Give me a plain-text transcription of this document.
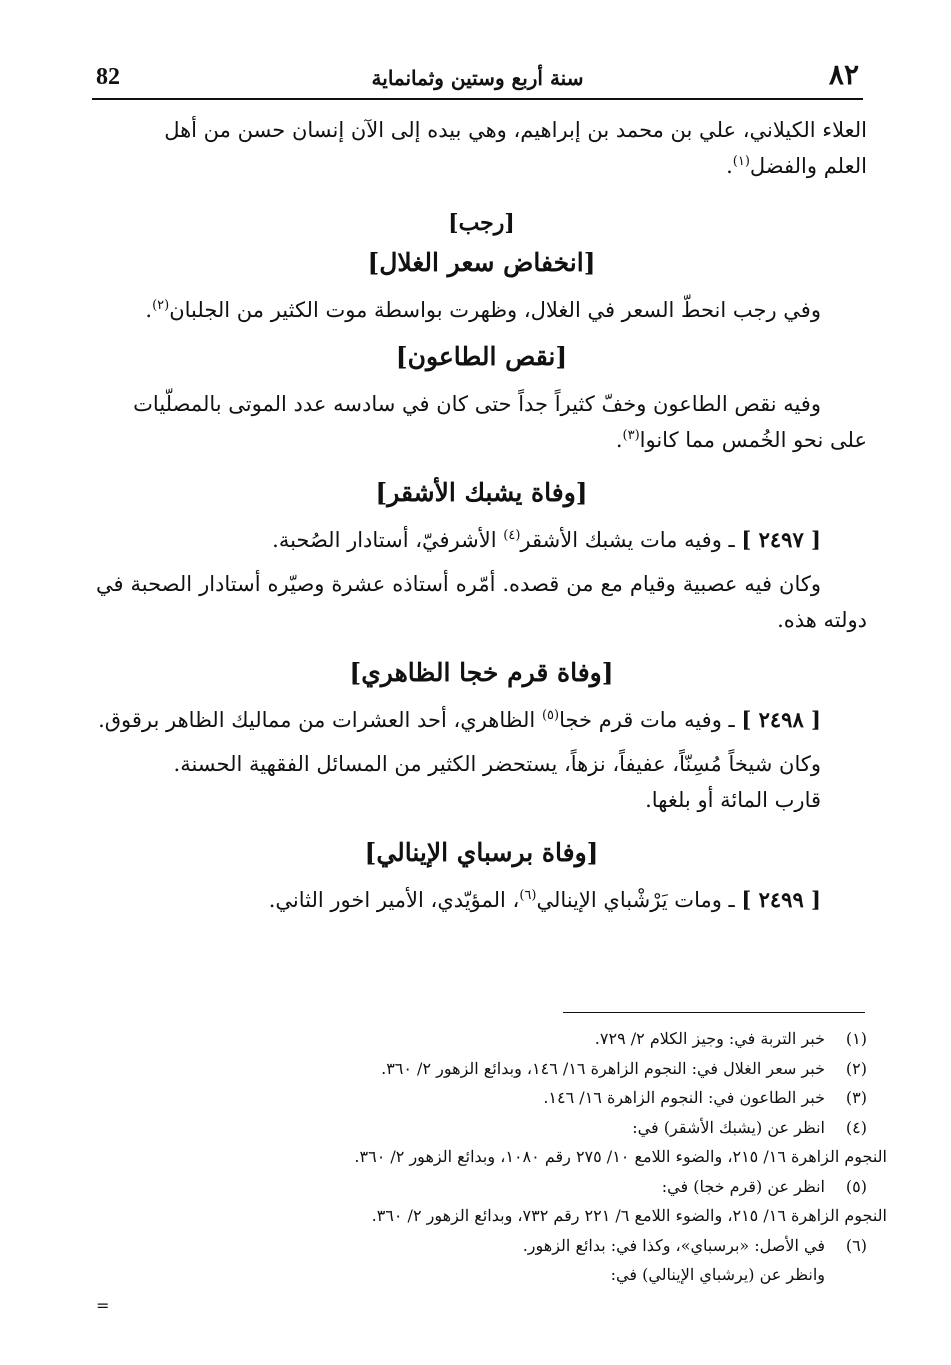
82	سنة أربع وستين وثمانماية	٨٢

العلاء الكيلاني، علي بن محمد بن إبراهيم، وهي بيده إلى الآن إنسان حسن من أهل

العلم والفضل$^{(١)}$.

[رجب]

[انخفاض سعر الغلال]

وفي رجب انحطّ السعر في الغلال، وظهرت بواسطة موت الكثير من الجلبان$^{(٢)}$.

[نقص الطاعون]

وفيه نقص الطاعون وخفّ كثيراً جداً حتى كان في سادسه عدد الموتى بالمصلّيات

على نحو الخُمس مما كانوا$^{(٣)}$.

[وفاة يشبك الأشقر]

[ ٢٤٩٧ ] ـ وفيه مات يشبك الأشقر$^{(٤)}$ الأشرفيّ، أستادار الصُحبة.

وكان فيه عصبية وقيام مع من قصده. أمّره أستاذه عشرة وصيّره أستادار الصحبة في دولته هذه.

[وفاة قرم خجا الظاهري]

[ ٢٤٩٨ ] ـ وفيه مات قرم خجا$^{(٥)}$ الظاهري، أحد العشرات من مماليك الظاهر برقوق.

وكان شيخاً مُسِنّاً، عفيفاً، نزهاً، يستحضر الكثير من المسائل الفقهية الحسنة.

قارب المائة أو بلغها.

[وفاة برسباي الإينالي]

[ ٢٤٩٩ ] ـ ومات يَرْشْباي الإينالي$^{(٦)}$، المؤيّدي، الأمير اخور الثاني.

(١)خبر التربة في: وجيز الكلام ٢/ ٧٢٩.
(٢)خبر سعر الغلال في: النجوم الزاهرة ١٦/ ١٤٦، وبدائع الزهور ٢/ ٣٦٠.
(٣)خبر الطاعون في: النجوم الزاهرة ١٦/ ١٤٦.
(٤)انظر عن (يشبك الأشقر) في:
النجوم الزاهرة ١٦/ ٢١٥، والضوء اللامع ١٠/ ٢٧٥ رقم ١٠٨٠، وبدائع الزهور ٢/ ٣٦٠.
(٥)انظر عن (قرم خجا) في:
النجوم الزاهرة ١٦/ ٢١٥، والضوء اللامع ٦/ ٢٢١ رقم ٧٣٢، وبدائع الزهور ٢/ ٣٦٠.
(٦)في الأصل: «برسباي»، وكذا في: بدائع الزهور.
وانظر عن (يرشباي الإينالي) في:
=
